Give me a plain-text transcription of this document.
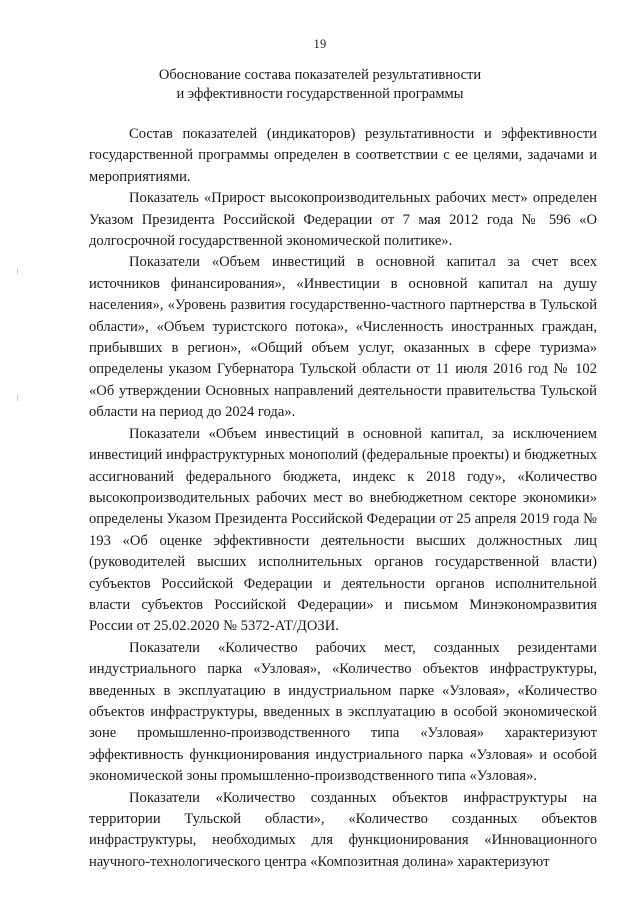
19
Обоснование состава показателей результативности
и эффективности государственной программы

Состав показателей (индикаторов) результативности и эффективности государственной программы определен в соответствии с ее целями, задачами и мероприятиями.

Показатель «Прирост высокопроизводительных рабочих мест» определен Указом Президента Российской Федерации от 7 мая 2012 года № 596 «О долгосрочной государственной экономической политике».

Показатели «Объем инвестиций в основной капитал за счет всех источников финансирования», «Инвестиции в основной капитал на душу населения», «Уровень развития государственно-частного партнерства в Тульской области», «Объем туристского потока», «Численность иностранных граждан, прибывших в регион», «Общий объем услуг, оказанных в сфере туризма» определены указом Губернатора Тульской области от 11 июля 2016 год № 102 «Об утверждении Основных направлений деятельности правительства Тульской области на период до 2024 года».

Показатели «Объем инвестиций в основной капитал, за исключением инвестиций инфраструктурных монополий (федеральные проекты) и бюджетных ассигнований федерального бюджета, индекс к 2018 году», «Количество высокопроизводительных рабочих мест во внебюджетном секторе экономики» определены Указом Президента Российской Федерации от 25 апреля 2019 года № 193 «Об оценке эффективности деятельности высших должностных лиц (руководителей высших исполнительных органов государственной власти) субъектов Российской Федерации и деятельности органов исполнительной власти субъектов Российской Федерации» и письмом Минэкономразвития России от 25.02.2020 № 5372-АТ/ДОЗИ.

Показатели «Количество рабочих мест, созданных резидентами индустриального парка «Узловая», «Количество объектов инфраструктуры, введенных в эксплуатацию в индустриальном парке «Узловая», «Количество объектов инфраструктуры, введенных в эксплуатацию в особой экономической зоне промышленно-производственного типа «Узловая» характеризуют эффективность функционирования индустриального парка «Узловая» и особой экономической зоны промышленно-производственного типа «Узловая».

Показатели «Количество созданных объектов инфраструктуры на территории Тульской области», «Количество созданных объектов инфраструктуры, необходимых для функционирования «Инновационного научного-технологического центра «Композитная долина» характеризуют
